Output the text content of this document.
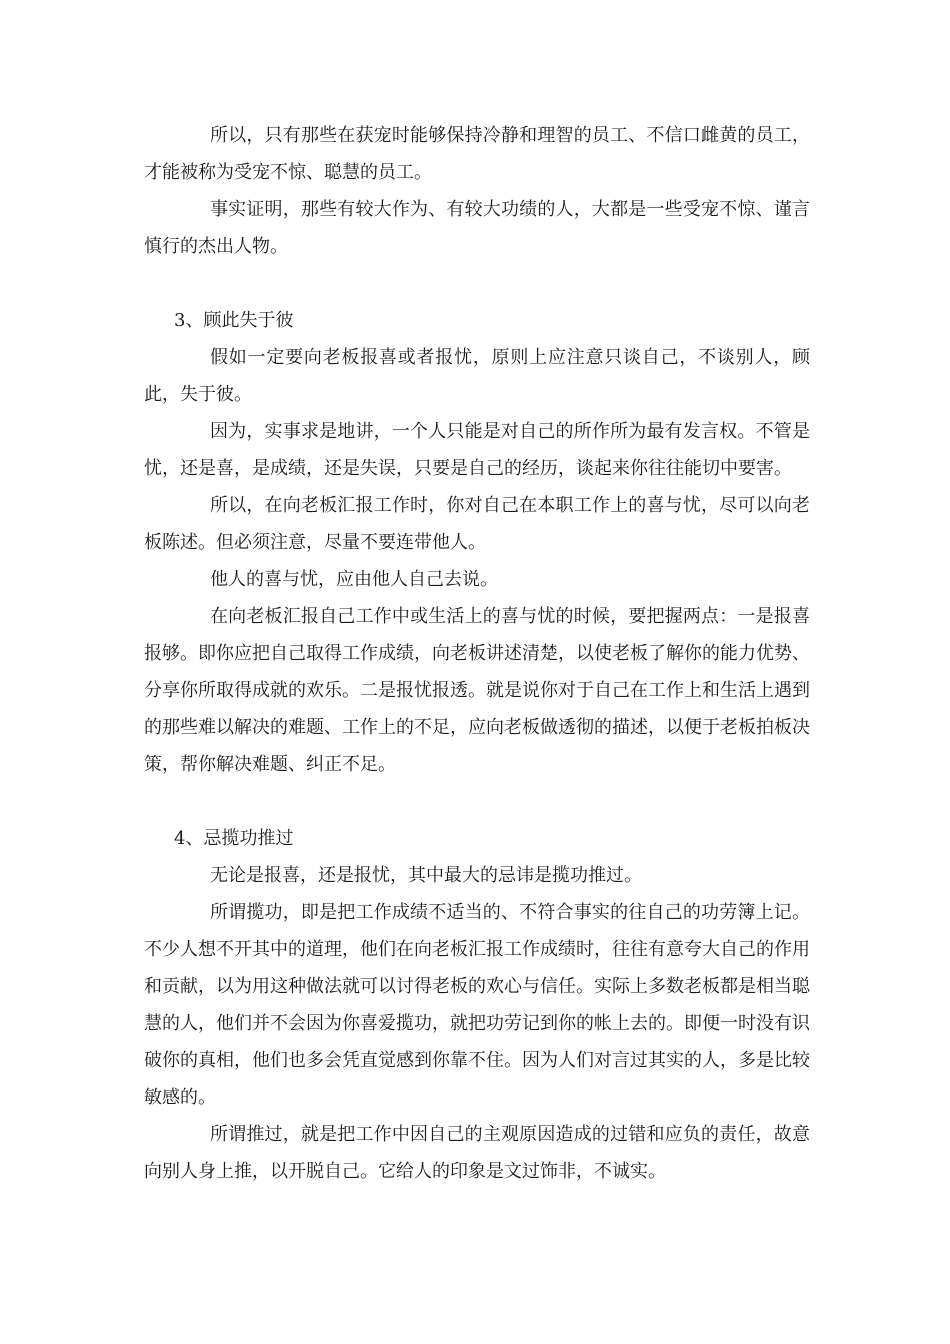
所以，只有那些在获宠时能够保持冷静和理智的员工、不信口雌黄的员工，才能被称为受宠不惊、聪慧的员工。

事实证明，那些有较大作为、有较大功绩的人，大都是一些受宠不惊、谨言慎行的杰出人物。

3、顾此失于彼

假如一定要向老板报喜或者报忧，原则上应注意只谈自己，不谈别人，顾此，失于彼。

因为，实事求是地讲，一个人只能是对自己的所作所为最有发言权。不管是忧，还是喜，是成绩，还是失误，只要是自己的经历，谈起来你往往能切中要害。

所以，在向老板汇报工作时，你对自己在本职工作上的喜与忧，尽可以向老板陈述。但必须注意，尽量不要连带他人。

他人的喜与忧，应由他人自己去说。

在向老板汇报自己工作中或生活上的喜与忧的时候，要把握两点：一是报喜报够。即你应把自己取得工作成绩，向老板讲述清楚，以使老板了解你的能力优势、分享你所取得成就的欢乐。二是报忧报透。就是说你对于自己在工作上和生活上遇到的那些难以解决的难题、工作上的不足，应向老板做透彻的描述，以便于老板拍板决策，帮你解决难题、纠正不足。

4、忌揽功推过

无论是报喜，还是报忧，其中最大的忌讳是揽功推过。

所谓揽功，即是把工作成绩不适当的、不符合事实的往自己的功劳簿上记。不少人想不开其中的道理，他们在向老板汇报工作成绩时，往往有意夸大自己的作用和贡献，以为用这种做法就可以讨得老板的欢心与信任。实际上多数老板都是相当聪慧的人，他们并不会因为你喜爱揽功，就把功劳记到你的帐上去的。即便一时没有识破你的真相，他们也多会凭直觉感到你靠不住。因为人们对言过其实的人，多是比较敏感的。

所谓推过，就是把工作中因自己的主观原因造成的过错和应负的责任，故意向别人身上推，以开脱自己。它给人的印象是文过饰非，不诚实。
